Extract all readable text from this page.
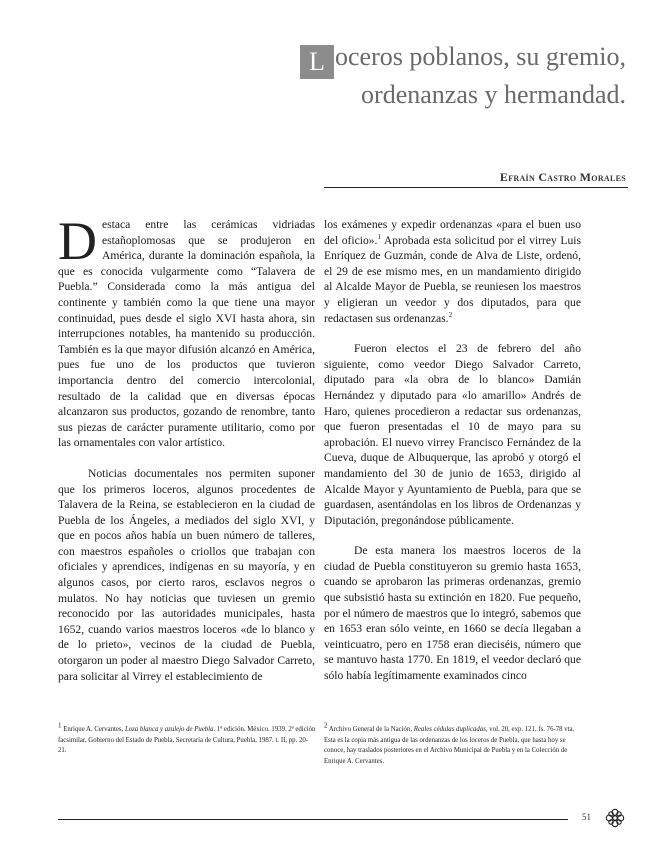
L oceros poblanos, su gremio,
ordenanzas y hermandad.
Efraín Castro Morales

Destaca entre las cerámicas vidriadas estañoplomosas que se produjeron en América, durante la dominación española, la que es conocida vulgarmente como “Talavera de Puebla.” Considerada como la más antigua del continente y también como la que tiene una mayor continuidad, pues desde el siglo XVI hasta ahora, sin interrupciones notables, ha mantenido su producción. También es la que mayor difusión alcanzó en América, pues fue uno de los productos que tuvieron importancia dentro del comercio intercolonial, resultado de la calidad que en diversas épocas alcanzaron sus productos, gozando de renombre, tanto sus piezas de carácter puramente utilitario, como por las ornamentales con valor artístico.

Noticias documentales nos permiten suponer que los primeros loceros, algunos procedentes de Talavera de la Reina, se establecieron en la ciudad de Puebla de los Ángeles, a mediados del siglo XVI, y que en pocos años había un buen número de talleres, con maestros españoles o criollos que trabajan con oficiales y aprendices, indígenas en su mayoría, y en algunos casos, por cierto raros, esclavos negros o mulatos. No hay noticias que tuviesen un gremio reconocido por las autoridades municipales, hasta 1652, cuando varios maestros loceros «de lo blanco y de lo prieto», vecinos de la ciudad de Puebla, otorgaron un poder al maestro Diego Salvador Carreto, para solicitar al Virrey el establecimiento de

los exámenes y expedir ordenanzas «para el buen uso del oficio».$^1$ Aprobada esta solicitud por el virrey Luis Enríquez de Guzmán, conde de Alva de Liste, ordenó, el 29 de ese mismo mes, en un mandamiento dirigido al Alcalde Mayor de Puebla, se reuniesen los maestros y eligieran un veedor y dos diputados, para que redactasen sus ordenanzas.$^2$

Fueron electos el 23 de febrero del año siguiente, como veedor Diego Salvador Carreto, diputado para «la obra de lo blanco» Damián Hernández y diputado para «lo amarillo» Andrés de Haro, quienes procedieron a redactar sus ordenanzas, que fueron presentadas el 10 de mayo para su aprobación. El nuevo virrey Francisco Fernández de la Cueva, duque de Albuquerque, las aprobó y otorgó el mandamiento del 30 de junio de 1653, dirigido al Alcalde Mayor y Ayuntamiento de Puebla, para que se guardasen, asentándolas en los libros de Ordenanzas y Diputación, pregonándose públicamente.

De esta manera los maestros loceros de la ciudad de Puebla constituyeron su gremio hasta 1653, cuando se aprobaron las primeras ordenanzas, gremio que subsistió hasta su extinción en 1820. Fue pequeño, por el número de maestros que lo integró, sabemos que en 1653 eran sólo veinte, en 1660 se decía llegaban a veinticuatro, pero en 1758 eran dieciséis, número que se mantuvo hasta 1770. En 1819, el veedor declaró que sólo había legítimamente examinados cinco

$^1$ Enrique A. Cervantes, Loza blanca y azulejo de Puebla. 1ª edición. México. 1939. 2ª edición facsimilar, Gobierno del Estado de Puebla, Secretaría de Cultura, Puebla, 1987. t. II, pp. 20-21.
$^2$ Archivo General de la Nación, Reales cédulas duplicadas, vol. 20, exp. 121, fs. 76-78 vta. Esta es la copia más antigua de las ordenanzas de los loceros de Puebla, que hasta hoy se conoce, hay traslados posteriores en el Archivo Municipal de Puebla y en la Colección de Enrique A. Cervantes.
51
